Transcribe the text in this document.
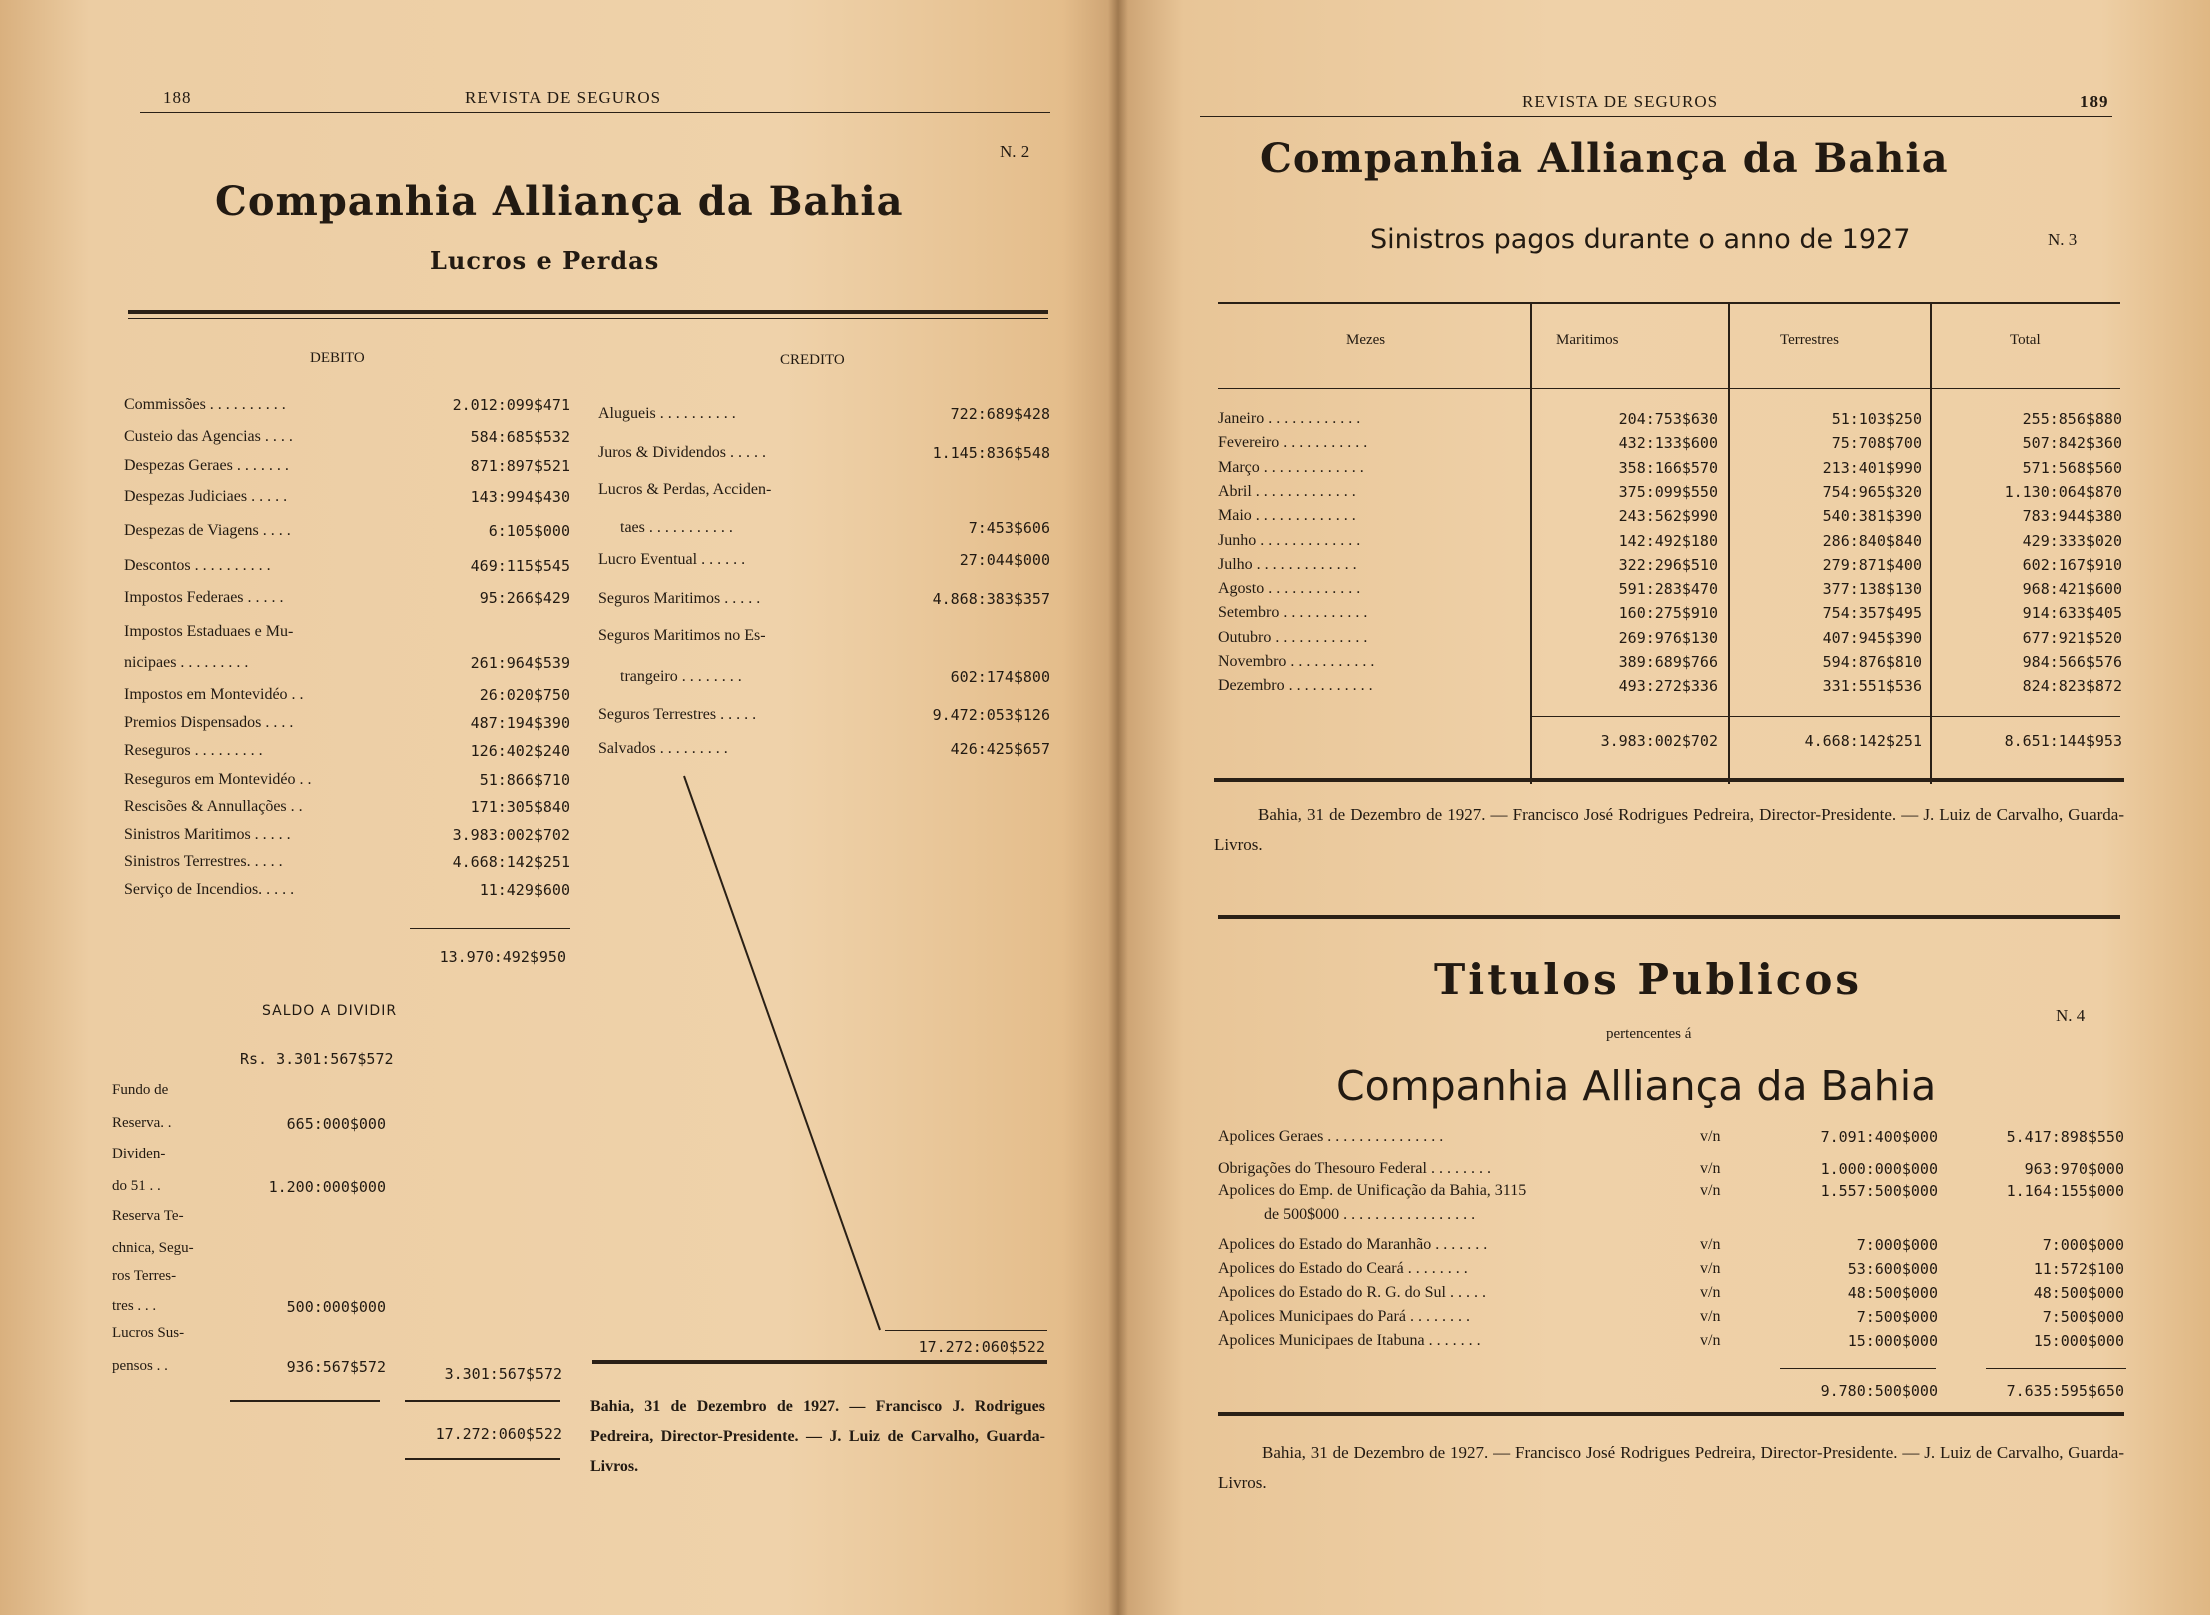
188	REVISTA DE SEGUROS
N. 2
Companhia Alliança da Bahia
Lucros e Perdas
DEBITO	CREDITO
Commissões . . . . . . . . . .	2.012:099$471
Custeio das Agencias . . . .	584:685$532
Despezas Geraes . . . . . . .	871:897$521
Despezas Judiciaes . . . . .	143:994$430
Despezas de Viagens . . . .	6:105$000
Descontos . . . . . . . . . .	469:115$545
Impostos Federaes . . . . .	95:266$429
Impostos Estaduaes e Mu-
nicipaes . . . . . . . . .	261:964$539
Impostos em Montevidéo . .	26:020$750
Premios Dispensados . . . .	487:194$390
Reseguros . . . . . . . . .	126:402$240
Reseguros em Montevidéo . .	51:866$710
Rescisões & Annullações . .	171:305$840
Sinistros Maritimos . . . . .	3.983:002$702
Sinistros Terrestres. . . . .	4.668:142$251
Serviço de Incendios. . . . .	11:429$600
13.970:492$950
SALDO A DIVIDIR
Rs. 3.301:567$572
Fundo de
Reserva. .	665:000$000
Dividen-
do 51 . .	1.200:000$000
Reserva Te-
chnica, Segu-
ros Terres-
tres . . .	500:000$000
Lucros Sus-
pensos . .	936:567$572	3.301:567$572
17.272:060$522
Alugueis . . . . . . . . . .	722:689$428
Juros & Dividendos . . . . .	1.145:836$548
Lucros & Perdas, Acciden-
taes . . . . . . . . . . .	7:453$606
Lucro Eventual . . . . . .	27:044$000
Seguros Maritimos . . . . .	4.868:383$357
Seguros Maritimos no Es-
trangeiro . . . . . . . .	602:174$800
Seguros Terrestres . . . . .	9.472:053$126
Salvados . . . . . . . . .	426:425$657
17.272:060$522
Bahia, 31 de Dezembro de 1927. — Francisco J. Rodrigues Pedreira, Director-Presidente. — J. Luiz de Carvalho, Guarda-Livros.
REVISTA DE SEGUROS	189
Companhia Alliança da Bahia
Sinistros pagos durante o anno de 1927	N. 3
Mezes	Maritimos	Terrestres	Total
Janeiro . . . . . . . . . . . .	204:753$630	51:103$250	255:856$880
Fevereiro . . . . . . . . . . .	432:133$600	75:708$700	507:842$360
Março . . . . . . . . . . . . .	358:166$570	213:401$990	571:568$560
Abril . . . . . . . . . . . . .	375:099$550	754:965$320	1.130:064$870
Maio . . . . . . . . . . . . .	243:562$990	540:381$390	783:944$380
Junho . . . . . . . . . . . . .	142:492$180	286:840$840	429:333$020
Julho . . . . . . . . . . . . .	322:296$510	279:871$400	602:167$910
Agosto . . . . . . . . . . . .	591:283$470	377:138$130	968:421$600
Setembro . . . . . . . . . . .	160:275$910	754:357$495	914:633$405
Outubro . . . . . . . . . . . .	269:976$130	407:945$390	677:921$520
Novembro . . . . . . . . . . .	389:689$766	594:876$810	984:566$576
Dezembro . . . . . . . . . . .	493:272$336	331:551$536	824:823$872
3.983:002$702	4.668:142$251	8.651:144$953
Bahia, 31 de Dezembro de 1927. — Francisco José Rodrigues Pedreira, Director-Presidente. — J. Luiz de Carvalho, Guarda-Livros.
Titulos Publicos
N. 4
pertencentes á
Companhia Alliança da Bahia
Apolices Geraes . . . . . . . . . . . . . . .	v/n	7.091:400$000	5.417:898$550
Obrigações do Thesouro Federal . . . . . . . .	v/n	1.000:000$000	963:970$000
Apolices do Emp. de Unificação da Bahia, 3115	v/n	1.557:500$000	1.164:155$000
de 500$000 . . . . . . . . . . . . . . . . .
Apolices do Estado do Maranhão . . . . . . .	v/n	7:000$000	7:000$000
Apolices do Estado do Ceará . . . . . . . .	v/n	53:600$000	11:572$100
Apolices do Estado do R. G. do Sul . . . . .	v/n	48:500$000	48:500$000
Apolices Municipaes do Pará . . . . . . . .	v/n	7:500$000	7:500$000
Apolices Municipaes de Itabuna . . . . . . .	v/n	15:000$000	15:000$000
9.780:500$000	7.635:595$650
Bahia, 31 de Dezembro de 1927. — Francisco José Rodrigues Pedreira, Director-Presidente. — J. Luiz de Carvalho, Guarda-Livros.
